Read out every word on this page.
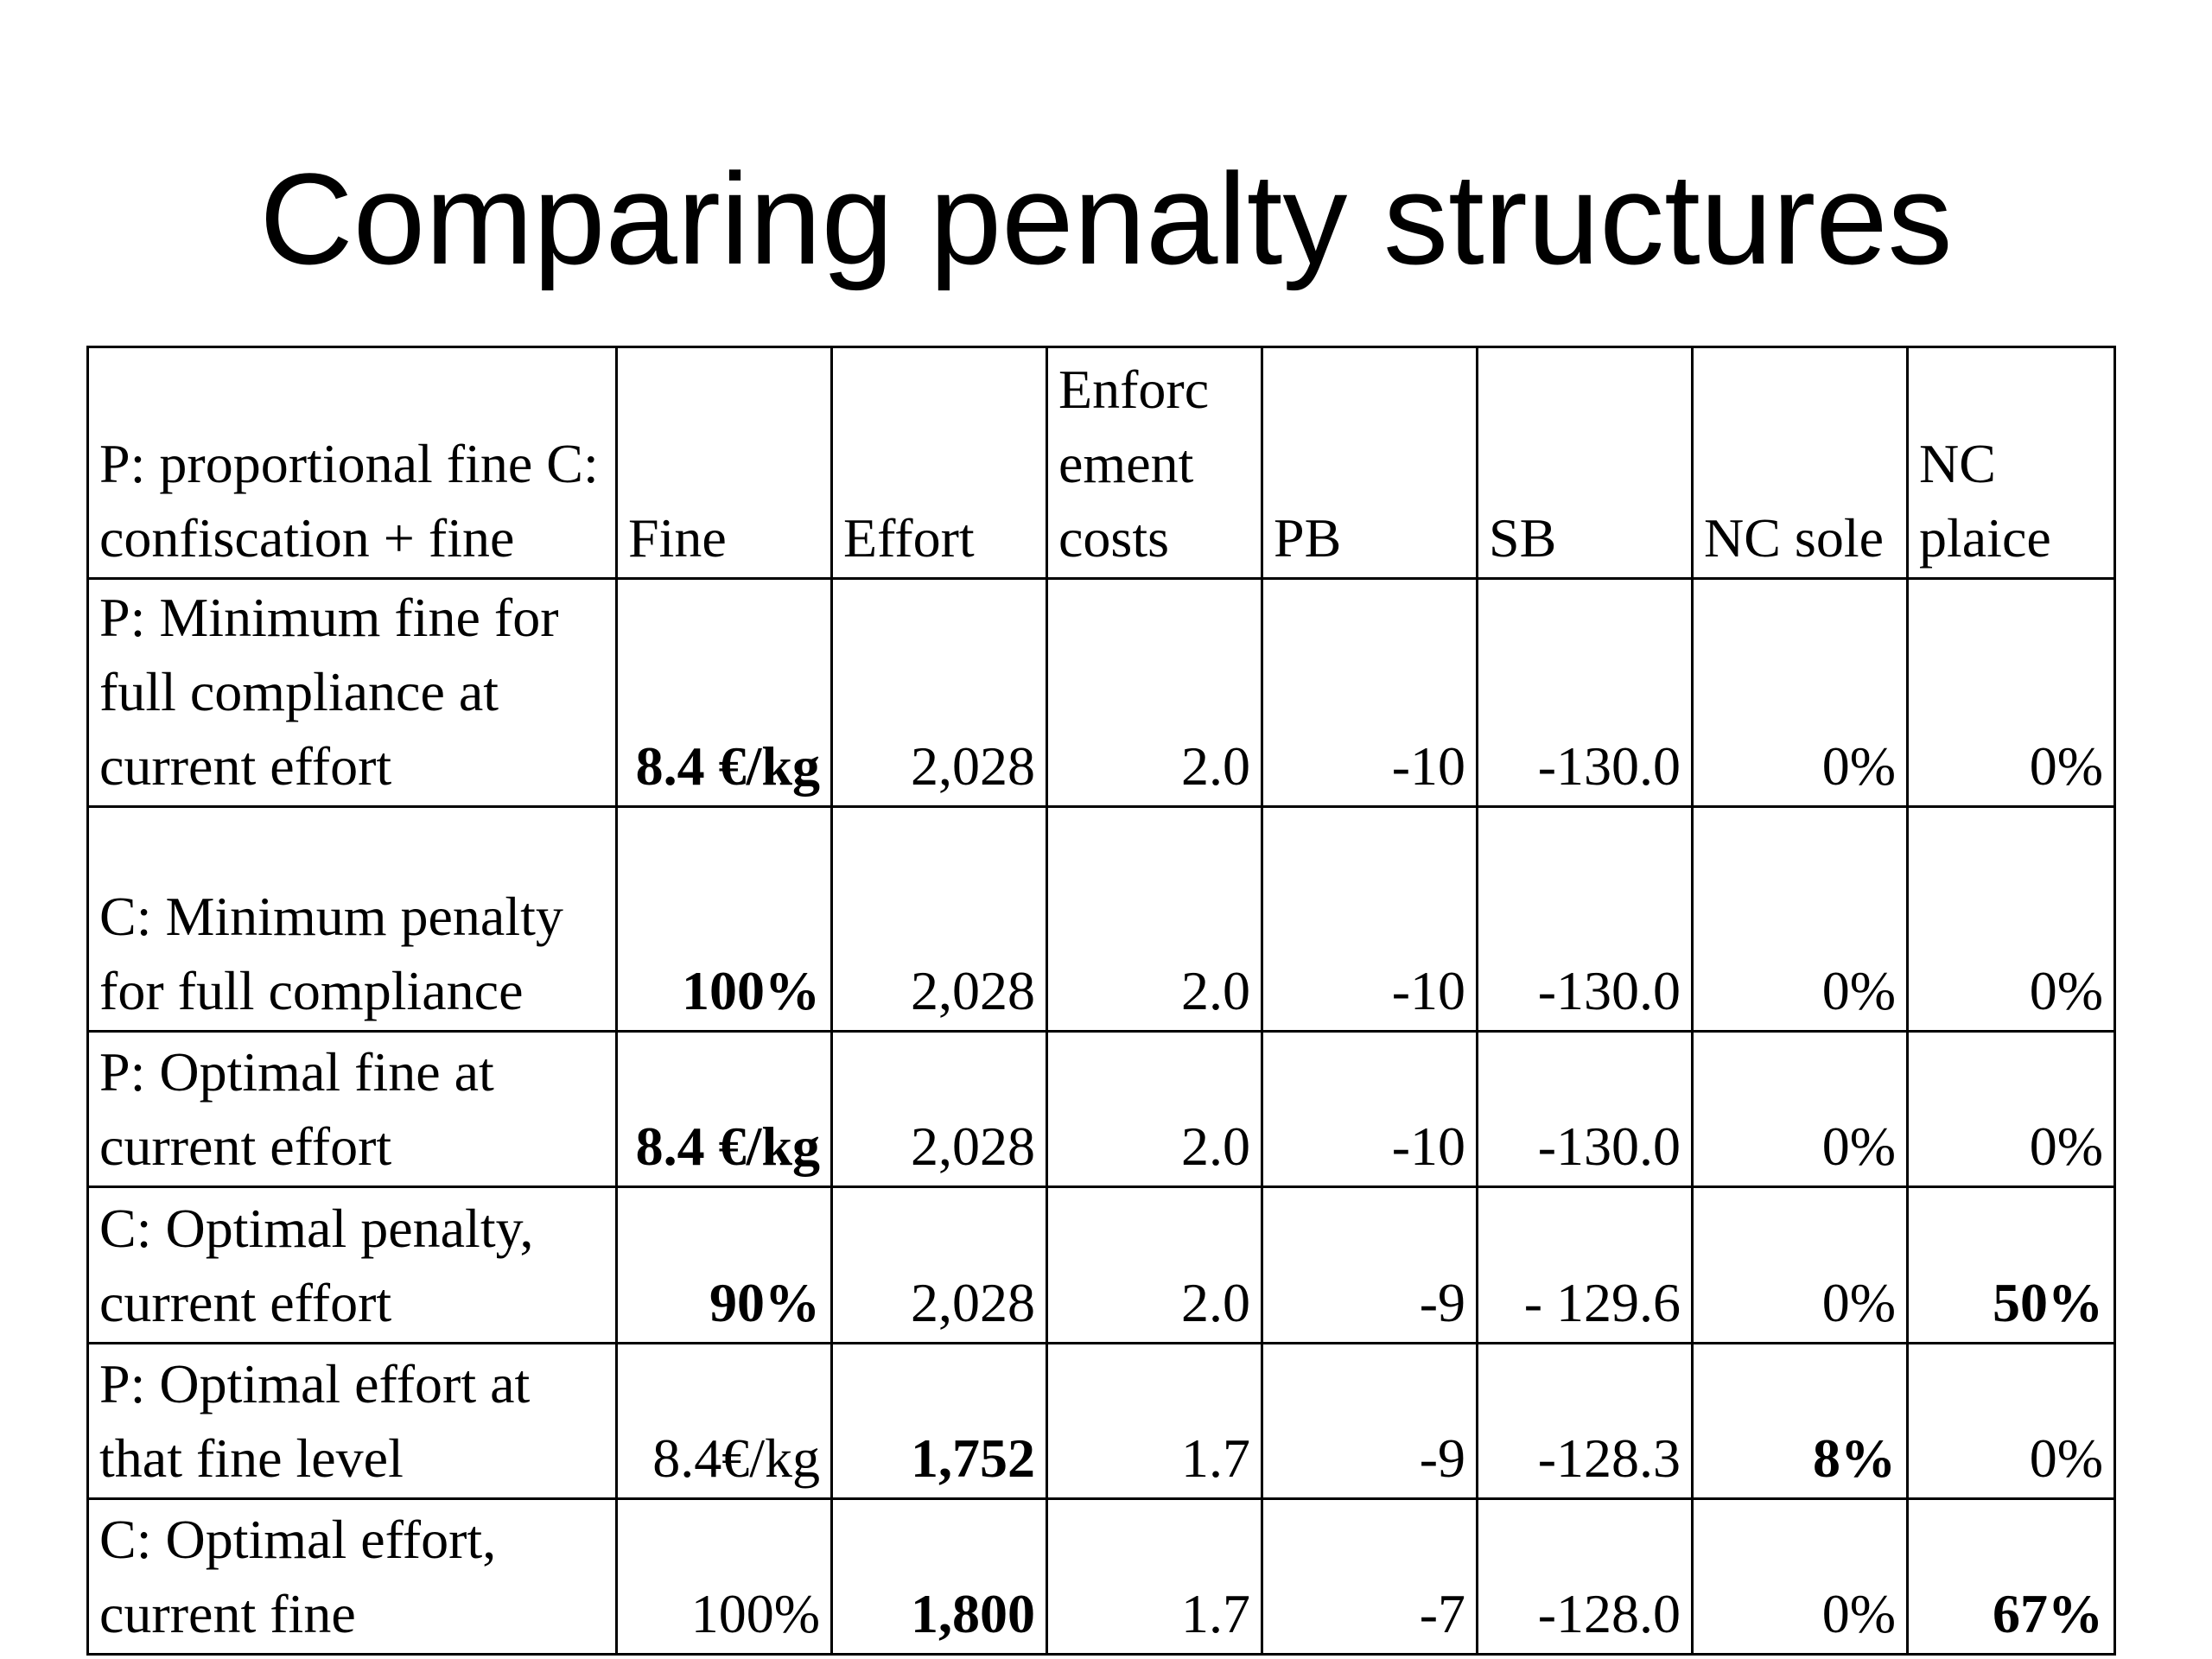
Comparing penalty structures
P: proportional fine C: confiscation + fine	Fine	Effort	Enforc ement costs	PB	SB	NC sole	NC plaice
P: Minimum fine for full compliance at current effort	8.4 €/kg	2,028	2.0	-10	-130.0	0%	0%
C: Minimum penalty for full compliance	100%	2,028	2.0	-10	-130.0	0%	0%
P: Optimal fine at current effort	8.4 €/kg	2,028	2.0	-10	-130.0	0%	0%
C: Optimal penalty, current effort	90%	2,028	2.0	-9	- 129.6	0%	50%
P: Optimal effort at that fine level	8.4€/kg	1,752	1.7	-9	-128.3	8%	0%
C: Optimal effort, current fine	100%	1,800	1.7	-7	-128.0	0%	67%
